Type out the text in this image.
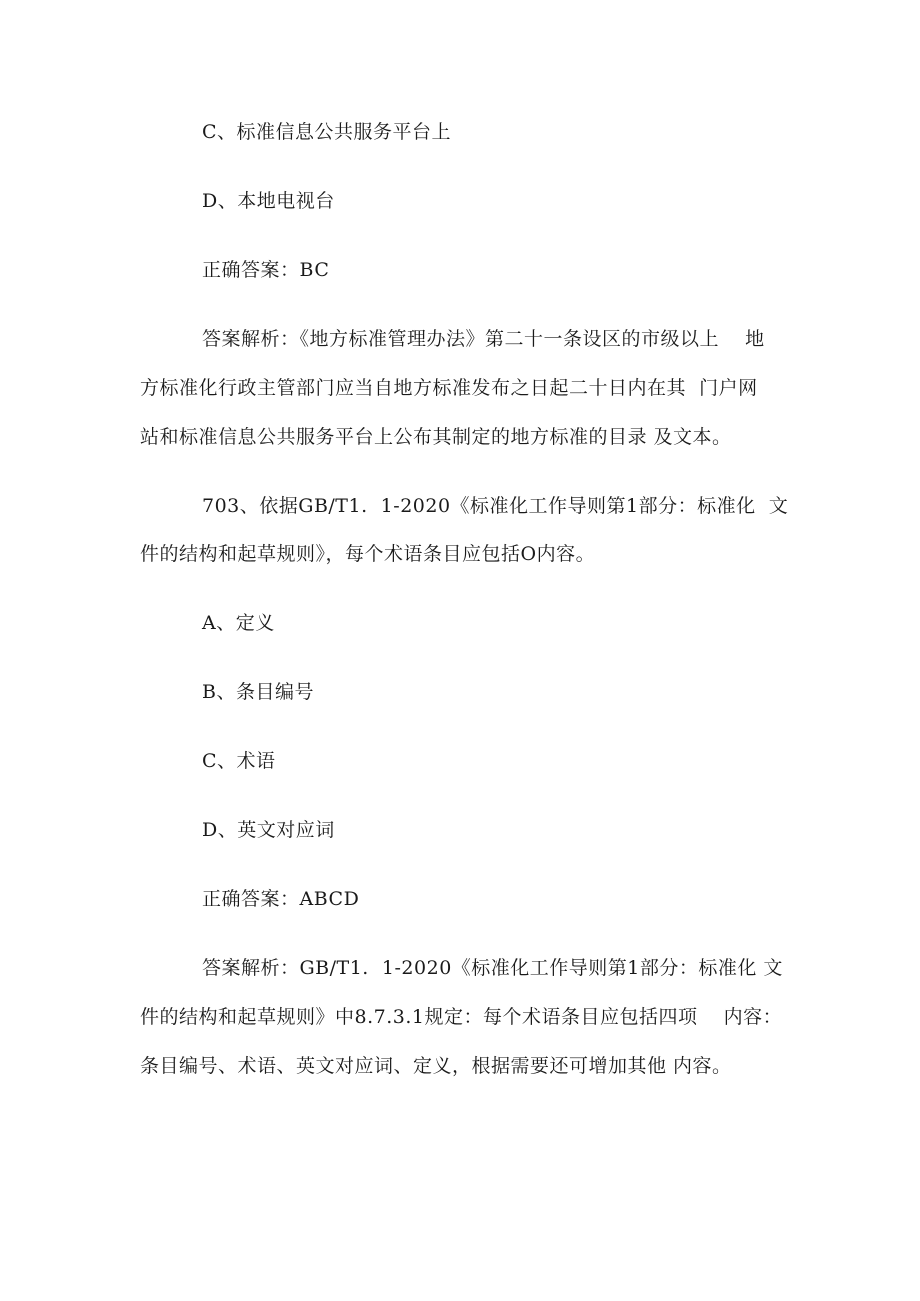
C、标准信息公共服务平台上
D、本地电视台
正确答案：BC
答案解析：《地方标准管理办法》第二十一条设区的市级以上    地
方标准化行政主管部门应当自地方标准发布之日起二十日内在其  门户网
站和标准信息公共服务平台上公布其制定的地方标准的目录 及文本。
703、依据GB/T1.  1-2020《标准化工作导则第1部分：标准化  文
件的结构和起草规则》，每个术语条目应包括O内容。
A、定义
B、条目编号
C、术语
D、英文对应词
正确答案：ABCD
答案解析：GB/T1.  1-2020《标准化工作导则第1部分：标准化 文
件的结构和起草规则》中8.7.3.1规定：每个术语条目应包括四项    内容：
条目编号、术语、英文对应词、定义，根据需要还可增加其他 内容。
